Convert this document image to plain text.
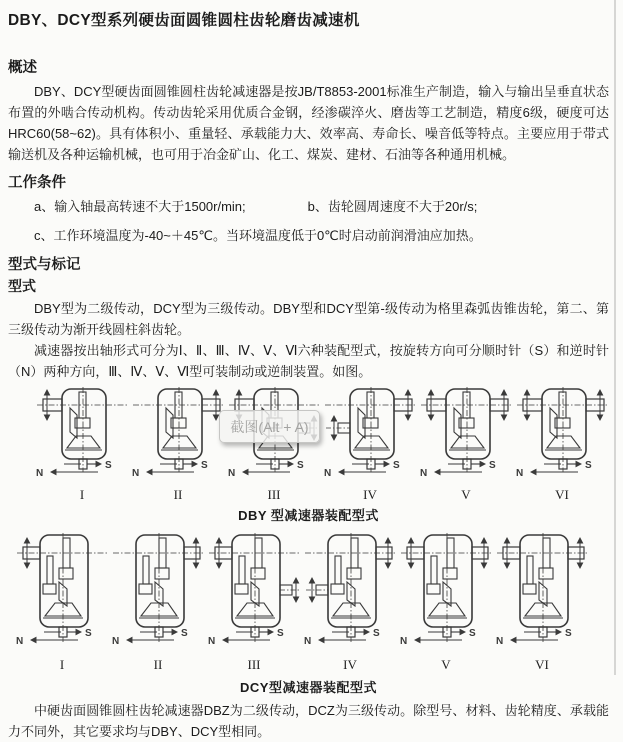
DBY、DCY型系列硬齿面圆锥圆柱齿轮磨齿减速机
概述

DBY、DCY型硬齿面圆锥圆柱齿轮减速器是按JB/T8853-2001标准生产制造，输入与输出呈垂直状态布置的外啮合传动机构。传动齿轮采用优质合金钢，经渗碳淬火、磨齿等工艺制造，精度6级，硬度可达HRC60(58~62)。具有体积小、重量轻、承载能力大、效率高、寿命长、噪音低等特点。主要应用于带式输送机及各种运输机械，也可用于冶金矿山、化工、煤炭、建材、石油等各种通用机械。

工作条件
a、输入轴最高转速不大于1500r/min;	b、齿轮圆周速度不大于20r/s;
c、工作环境温度为-40~＋45℃。当环境温度低于0℃时启动前润滑油应加热。
型式与标记
型式

DBY型为二级传动，DCY型为三级传动。DBY型和DCY型第-级传动为格里森弧齿锥齿轮，第二、第三级传动为渐开线圆柱斜齿轮。

减速器按出轴形式可分为Ⅰ、Ⅱ、Ⅲ、Ⅳ、Ⅴ、Ⅵ六种装配型式，按旋转方向可分顺时针（S）和逆时针（N）两种方向，Ⅲ、Ⅳ、Ⅴ、Ⅵ型可装制动或逆制装置。如图。

S
N
I
S
N
II
S
N
III
S
N
IV
S
N
V
S
N
VI
DBY 型减速器装配型式
S
N
I
S
N
II
S
N
III
S
N
IV
S
N
V
S
N
VI
DCY型减速器装配型式

中硬齿面圆锥圆柱齿轮减速器DBZ为二级传动，DCZ为三级传动。除型号、材料、齿轮精度、承载能力不同外，其它要求均与DBY、DCY型相同。

截图(Alt + A)
